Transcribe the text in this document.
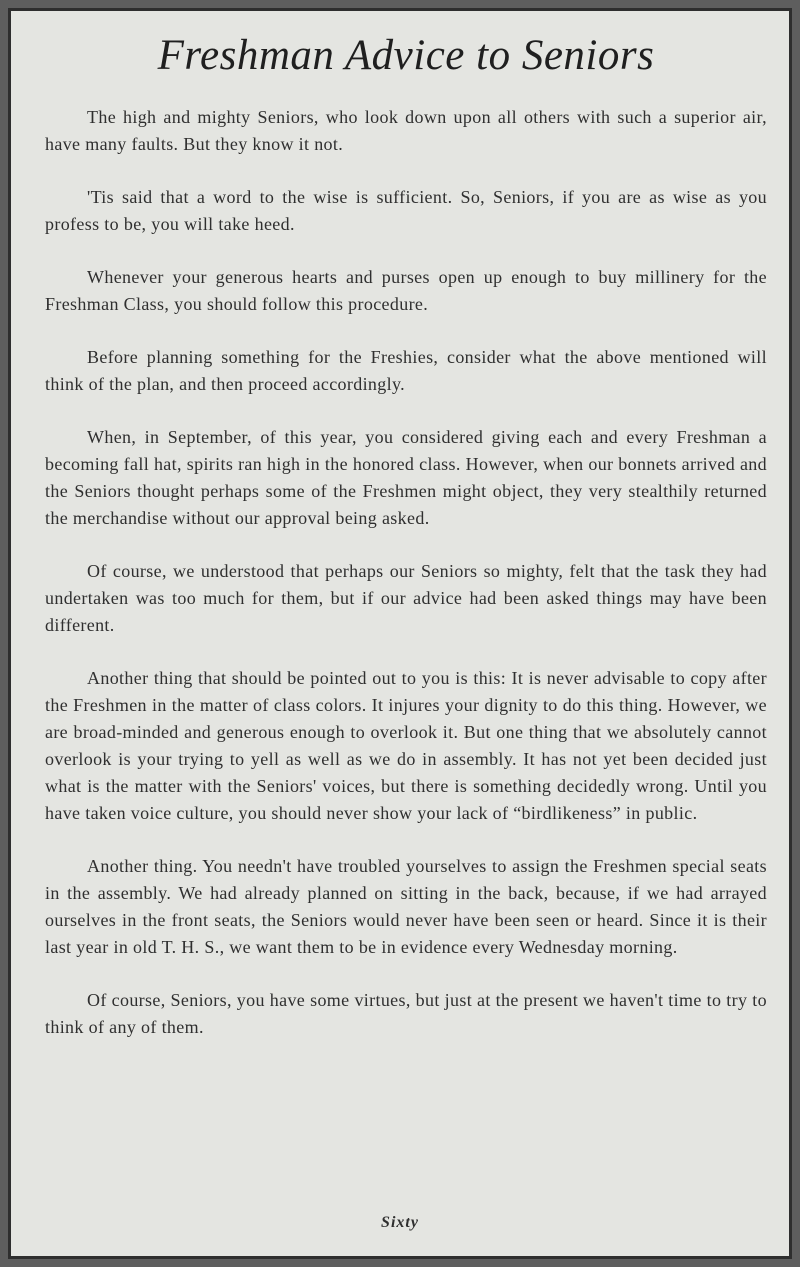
Freshman Advice to Seniors

The high and mighty Seniors, who look down upon all others with such a superior air, have many faults. But they know it not.

'Tis said that a word to the wise is sufficient. So, Seniors, if you are as wise as you profess to be, you will take heed.

Whenever your generous hearts and purses open up enough to buy millinery for the Freshman Class, you should follow this procedure.

Before planning something for the Freshies, consider what the above mentioned will think of the plan, and then proceed accordingly.

When, in September, of this year, you considered giving each and every Freshman a becoming fall hat, spirits ran high in the honored class. However, when our bonnets arrived and the Seniors thought perhaps some of the Freshmen might object, they very stealthily returned the merchandise without our approval being asked.

Of course, we understood that perhaps our Seniors so mighty, felt that the task they had undertaken was too much for them, but if our advice had been asked things may have been different.

Another thing that should be pointed out to you is this: It is never advisable to copy after the Freshmen in the matter of class colors. It injures your dignity to do this thing. However, we are broad-minded and generous enough to overlook it. But one thing that we absolutely cannot overlook is your trying to yell as well as we do in assembly. It has not yet been decided just what is the matter with the Seniors' voices, but there is something decidedly wrong. Until you have taken voice culture, you should never show your lack of “birdlikeness” in public.

Another thing. You needn't have troubled yourselves to assign the Freshmen special seats in the assembly. We had already planned on sitting in the back, because, if we had arrayed ourselves in the front seats, the Seniors would never have been seen or heard. Since it is their last year in old T. H. S., we want them to be in evidence every Wednesday morning.

Of course, Seniors, you have some virtues, but just at the present we haven't time to try to think of any of them.

Sixty
